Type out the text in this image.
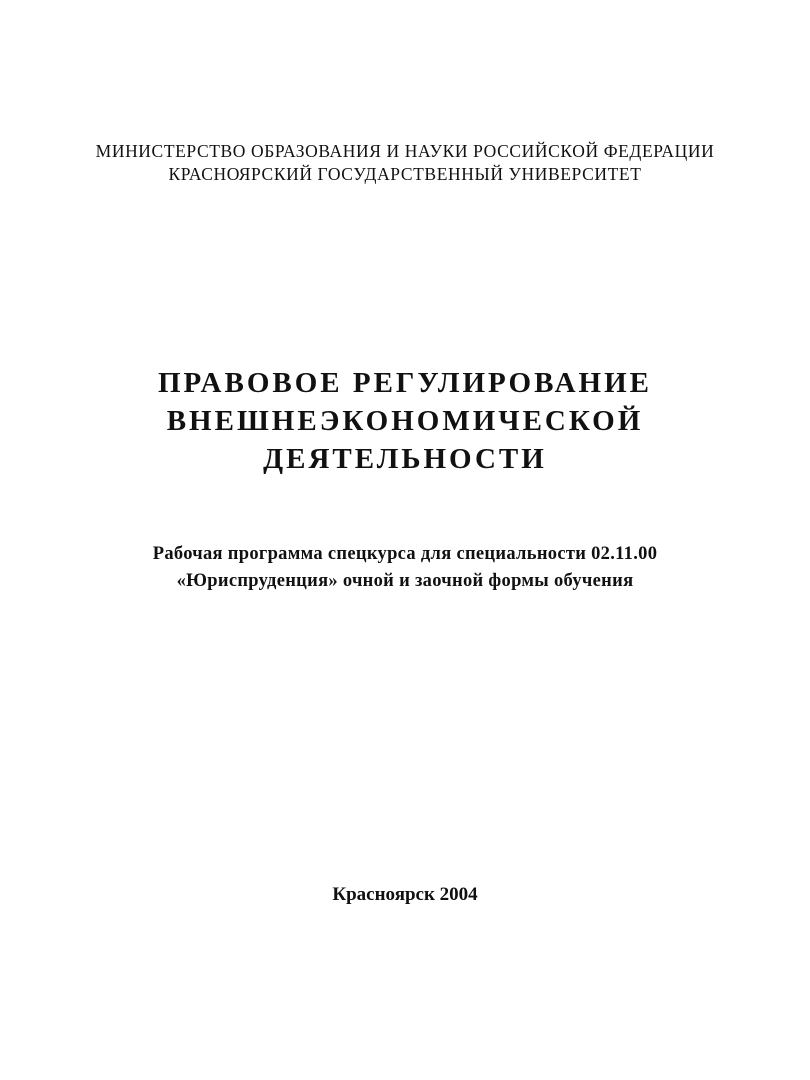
МИНИСТЕРСТВО ОБРАЗОВАНИЯ И НАУКИ РОССИЙСКОЙ ФЕДЕРАЦИИ
КРАСНОЯРСКИЙ ГОСУДАРСТВЕННЫЙ УНИВЕРСИТЕТ
ПРАВОВОЕ РЕГУЛИРОВАНИЕ
ВНЕШНЕЭКОНОМИЧЕСКОЙ
ДЕЯТЕЛЬНОСТИ
Рабочая программа спецкурса для специальности 02.11.00
«Юриспруденция» очной и заочной формы обучения
Красноярск 2004
